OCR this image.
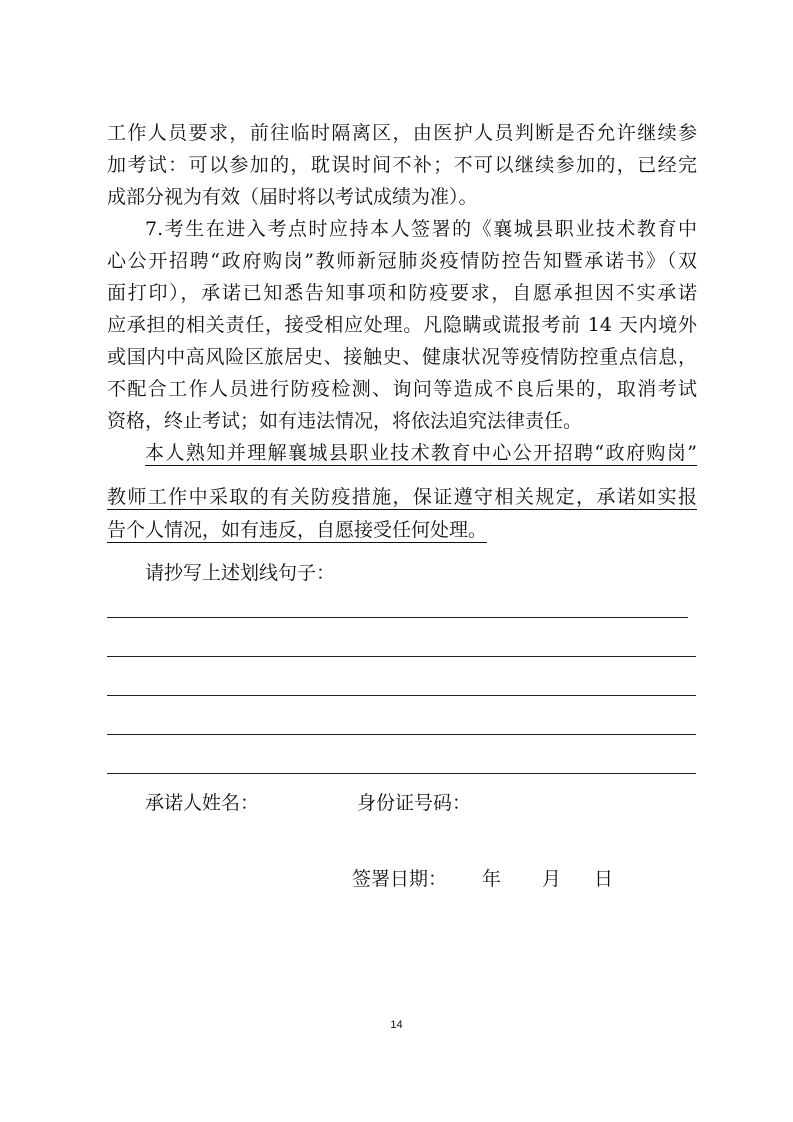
工作人员要求，前往临时隔离区，由医护人员判断是否允许继续参
加考试：可以参加的，耽误时间不补；不可以继续参加的，已经完
成部分视为有效（届时将以考试成绩为准）。
7.考生在进入考点时应持本人签署的《襄城县职业技术教育中
心公开招聘“政府购岗”教师新冠肺炎疫情防控告知暨承诺书》（双
面打印），承诺已知悉告知事项和防疫要求，自愿承担因不实承诺
应承担的相关责任，接受相应处理。凡隐瞒或谎报考前 14 天内境外
或国内中高风险区旅居史、接触史、健康状况等疫情防控重点信息，
不配合工作人员进行防疫检测、询问等造成不良后果的，取消考试
资格，终止考试；如有违法情况，将依法追究法律责任。
本人熟知并理解襄城县职业技术教育中心公开招聘“政府购岗”
教师工作中采取的有关防疫措施，保证遵守相关规定，承诺如实报
告个人情况，如有违反，自愿接受任何处理。
请抄写上述划线句子：
承诺人姓名：	身份证号码：
签署日期： 年 月 日
14
